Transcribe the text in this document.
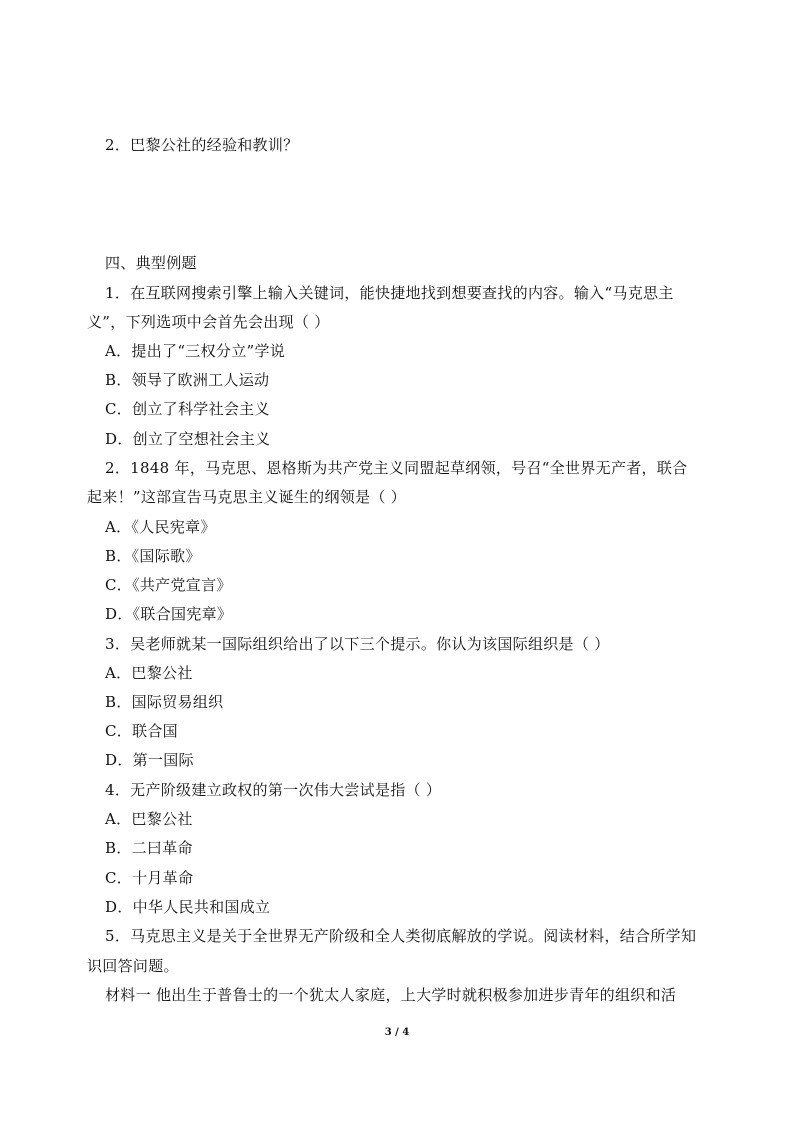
2．巴黎公社的经验和教训？
四、典型例题
1．在互联网搜索引擎上输入关键词，能快捷地找到想要查找的内容。输入“马克思主
义”，下列选项中会首先会出现（ ）
A．提出了“三权分立”学说
B．领导了欧洲工人运动
C．创立了科学社会主义
D．创立了空想社会主义
2．1848 年，马克思、恩格斯为共产党主义同盟起草纲领，号召“全世界无产者，联合
起来！”这部宣告马克思主义诞生的纲领是（ ）
A．《人民宪章》
B．《国际歌》
C．《共产党宣言》
D．《联合国宪章》
3．吴老师就某一国际组织给出了以下三个提示。你认为该国际组织是（ ）
A．巴黎公社
B．国际贸易组织
C．联合国
D．第一国际
4．无产阶级建立政权的第一次伟大尝试是指（ ）
A．巴黎公社
B．二曰革命
C．十月革命
D．中华人民共和国成立
5．马克思主义是关于全世界无产阶级和全人类彻底解放的学说。阅读材料，结合所学知
识回答问题。
材料一 他出生于普鲁士的一个犹太人家庭，上大学时就积极参加进步青年的组织和活
3 / 4
